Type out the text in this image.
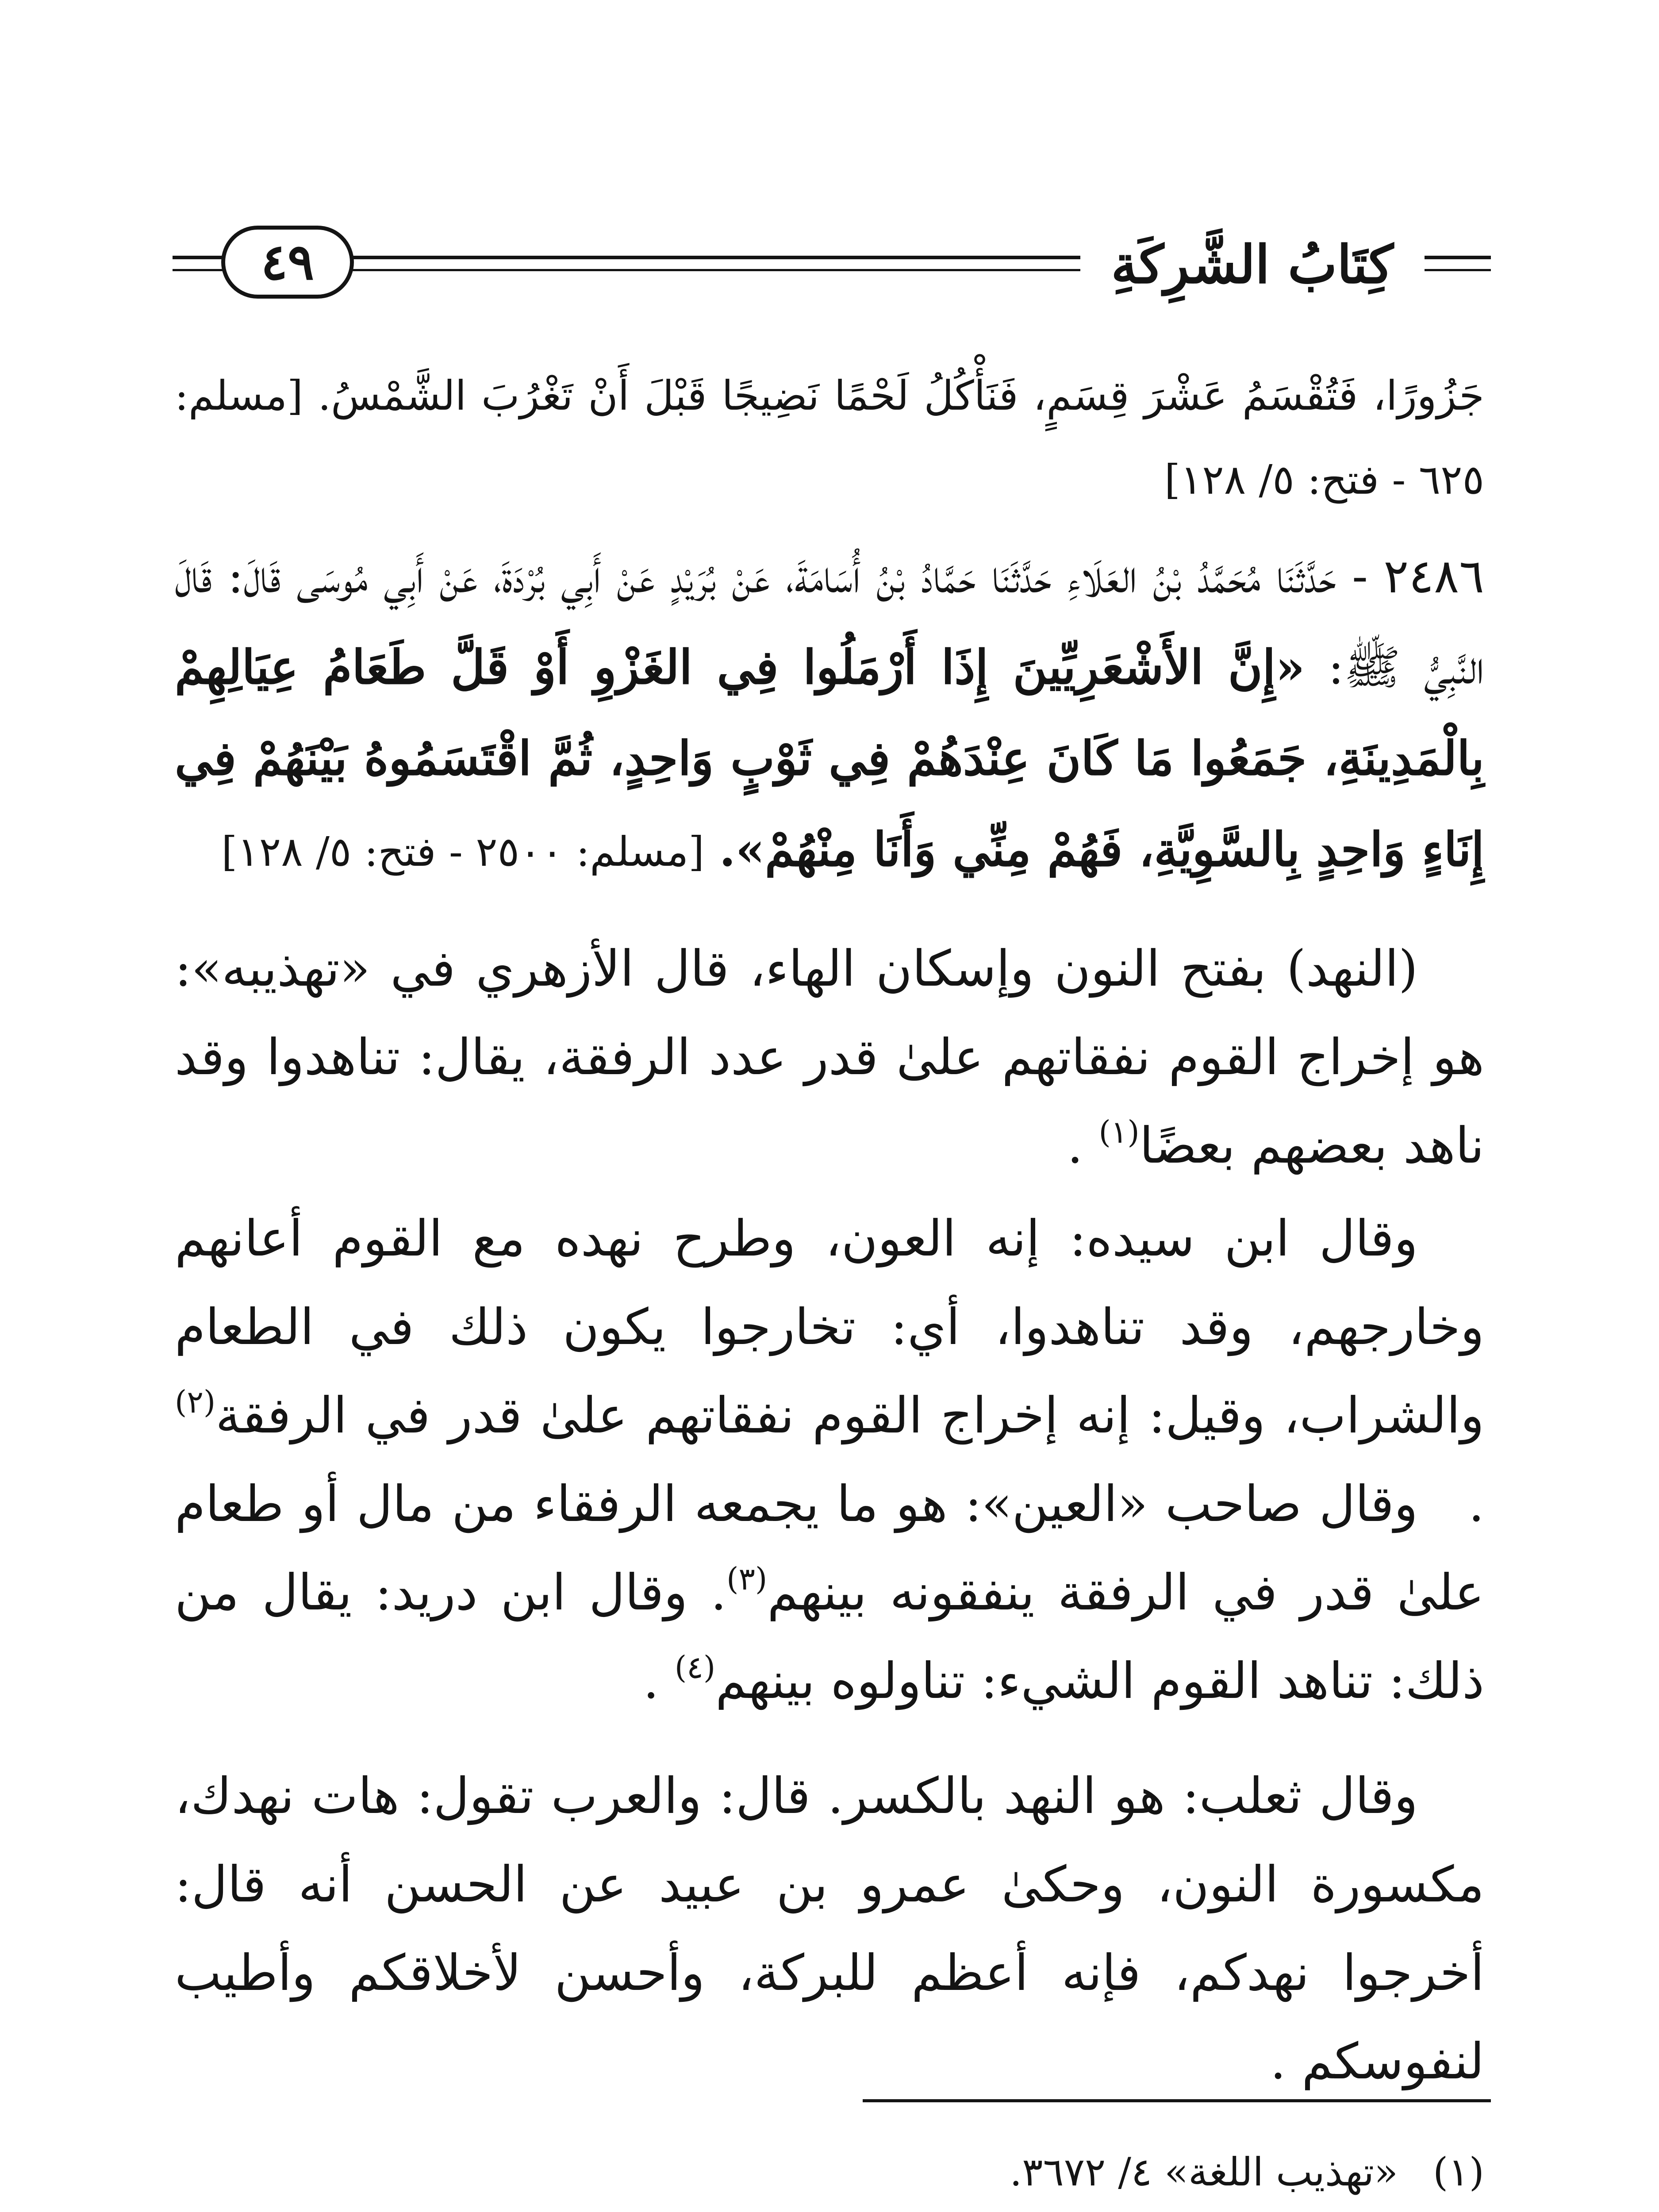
كِتَابُ الشَّرِكَةِ
٤٩

جَزُورًا، فَتُقْسَمُ عَشْرَ قِسَمٍ، فَنَأْكُلُ لَحْمًا نَضِيجًا قَبْلَ أَنْ تَغْرُبَ الشَّمْسُ. [مسلم: ٦٢٥ - فتح: ٥/ ١٢٨]

٢٤٨٦ - حَدَّثَنَا مُحَمَّدُ بْنُ العَلَاءِ حَدَّثَنَا حَمَّادُ بْنُ أُسَامَةَ، عَنْ بُرَيْدٍ عَنْ أَبِي بُرْدَةَ، عَنْ أَبِي مُوسَى قَالَ: قَالَ النَّبِيُّ ﷺ: «إِنَّ الأَشْعَرِيِّينَ إِذَا أَرْمَلُوا فِي الغَزْوِ أَوْ قَلَّ طَعَامُ عِيَالِهِمْ بِالْمَدِينَةِ، جَمَعُوا مَا كَانَ عِنْدَهُمْ فِي ثَوْبٍ وَاحِدٍ، ثُمَّ اقْتَسَمُوهُ بَيْنَهُمْ فِي إِنَاءٍ وَاحِدٍ بِالسَّوِيَّةِ، فَهُمْ مِنِّي وَأَنَا مِنْهُمْ». [مسلم: ٢٥٠٠ - فتح: ٥/ ١٢٨]

(النهد) بفتح النون وإسكان الهاء، قال الأزهري في «تهذيبه»: هو إخراج القوم نفقاتهم علىٰ قدر عدد الرفقة، يقال: تناهدوا وقد ناهد بعضهم بعضًا$^{(١)}$ .

وقال ابن سيده: إنه العون، وطرح نهده مع القوم أعانهم وخارجهم، وقد تناهدوا، أي: تخارجوا يكون ذلك في الطعام والشراب، وقيل: إنه إخراج القوم نفقاتهم علىٰ قدر في الرفقة$^{(٢)}$ .

وقال صاحب «العين»: هو ما يجمعه الرفقاء من مال أو طعام علىٰ قدر في الرفقة ينفقونه بينهم$^{(٣)}$. وقال ابن دريد: يقال من ذلك: تناهد القوم الشيء: تناولوه بينهم$^{(٤)}$ .

وقال ثعلب: هو النهد بالكسر. قال: والعرب تقول: هات نهدك، مكسورة النون، وحكىٰ عمرو بن عبيد عن الحسن أنه قال: أخرجوا نهدكم، فإنه أعظم للبركة، وأحسن لأخلاقكم وأطيب لنفوسكم .

(١)
«تهذيب اللغة» ٤/ ٣٦٧٢.
